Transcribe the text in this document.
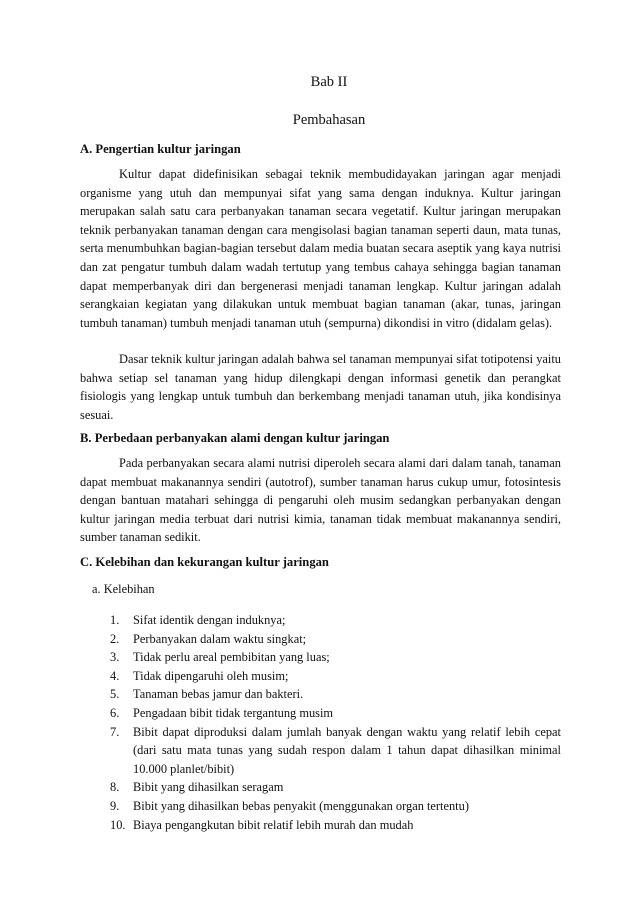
Bab II
Pembahasan
A. Pengertian kultur jaringan

Kultur dapat didefinisikan sebagai teknik membudidayakan jaringan agar menjadi organisme yang utuh dan mempunyai sifat yang sama dengan induknya. Kultur jaringan merupakan salah satu cara perbanyakan tanaman secara vegetatif. Kultur jaringan merupakan teknik perbanyakan tanaman dengan cara mengisolasi bagian tanaman seperti daun, mata tunas, serta menumbuhkan bagian-bagian tersebut dalam media buatan secara aseptik yang kaya nutrisi dan zat pengatur tumbuh dalam wadah tertutup yang tembus cahaya sehingga bagian tanaman dapat memperbanyak diri dan bergenerasi menjadi tanaman lengkap. Kultur jaringan adalah serangkaian kegiatan yang dilakukan untuk membuat bagian tanaman (akar, tunas, jaringan tumbuh tanaman) tumbuh menjadi tanaman utuh (sempurna) dikondisi in vitro (didalam gelas).

Dasar teknik kultur jaringan adalah bahwa sel tanaman mempunyai sifat totipotensi yaitu bahwa setiap sel tanaman yang hidup dilengkapi dengan informasi genetik dan perangkat fisiologis yang lengkap untuk tumbuh dan berkembang menjadi tanaman utuh, jika kondisinya sesuai.

B. Perbedaan perbanyakan alami dengan kultur jaringan

Pada perbanyakan secara alami nutrisi diperoleh secara alami dari dalam tanah, tanaman dapat membuat makanannya sendiri (autotrof), sumber tanaman harus cukup umur, fotosintesis dengan bantuan matahari sehingga di pengaruhi oleh musim sedangkan perbanyakan dengan kultur jaringan media terbuat dari nutrisi kimia, tanaman tidak membuat makanannya sendiri, sumber tanaman sedikit.

C. Kelebihan dan kekurangan kultur jaringan

a. Kelebihan

1. Sifat identik dengan induknya;
2. Perbanyakan dalam waktu singkat;
3. Tidak perlu areal pembibitan yang luas;
4. Tidak dipengaruhi oleh musim;
5. Tanaman bebas jamur dan bakteri.
6. Pengadaan bibit tidak tergantung musim
7. Bibit dapat diproduksi dalam jumlah banyak dengan waktu yang relatif lebih cepat (dari satu mata tunas yang sudah respon dalam 1 tahun dapat dihasilkan minimal 10.000 planlet/bibit)
8. Bibit yang dihasilkan seragam
9. Bibit yang dihasilkan bebas penyakit (menggunakan organ tertentu)
10. Biaya pengangkutan bibit relatif lebih murah dan mudah
